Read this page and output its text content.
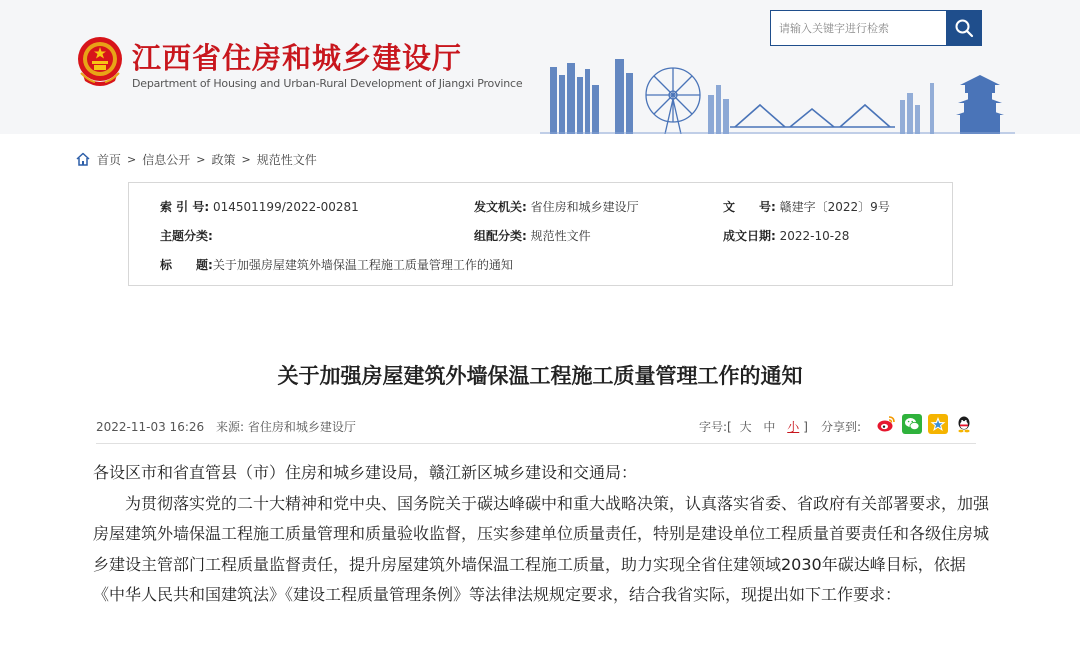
江西省住房和城乡建设厅
Department of Housing and Urban-Rural Development of Jiangxi Province
请输入关键字进行检索
首页 > 信息公开 > 政策 > 规范性文件
索 引 号: 014501199/2022-00281	发文机关: 省住房和城乡建设厅	文　　号: 赣建字〔2022〕9号
主题分类:	组配分类: 规范性文件	成文日期: 2022-10-28
标　　题:关于加强房屋建筑外墙保温工程施工质量管理工作的通知
关于加强房屋建筑外墙保温工程施工质量管理工作的通知
2022-11-03 16:26 来源: 省住房和城乡建设厅	字号:[ 大 中 小 ] 分享到:

各设区市和省直管县（市）住房和城乡建设局，赣江新区城乡建设和交通局：

为贯彻落实党的二十大精神和党中央、国务院关于碳达峰碳中和重大战略决策，认真落实省委、省政府有关部署要求，加强房屋建筑外墙保温工程施工质量管理和质量验收监督，压实参建单位质量责任，特别是建设单位工程质量首要责任和各级住房城乡建设主管部门工程质量监督责任，提升房屋建筑外墙保温工程施工质量，助力实现全省住建领域2030年碳达峰目标，依据《中华人民共和国建筑法》《建设工程质量管理条例》等法律法规规定要求，结合我省实际，现提出如下工作要求：
